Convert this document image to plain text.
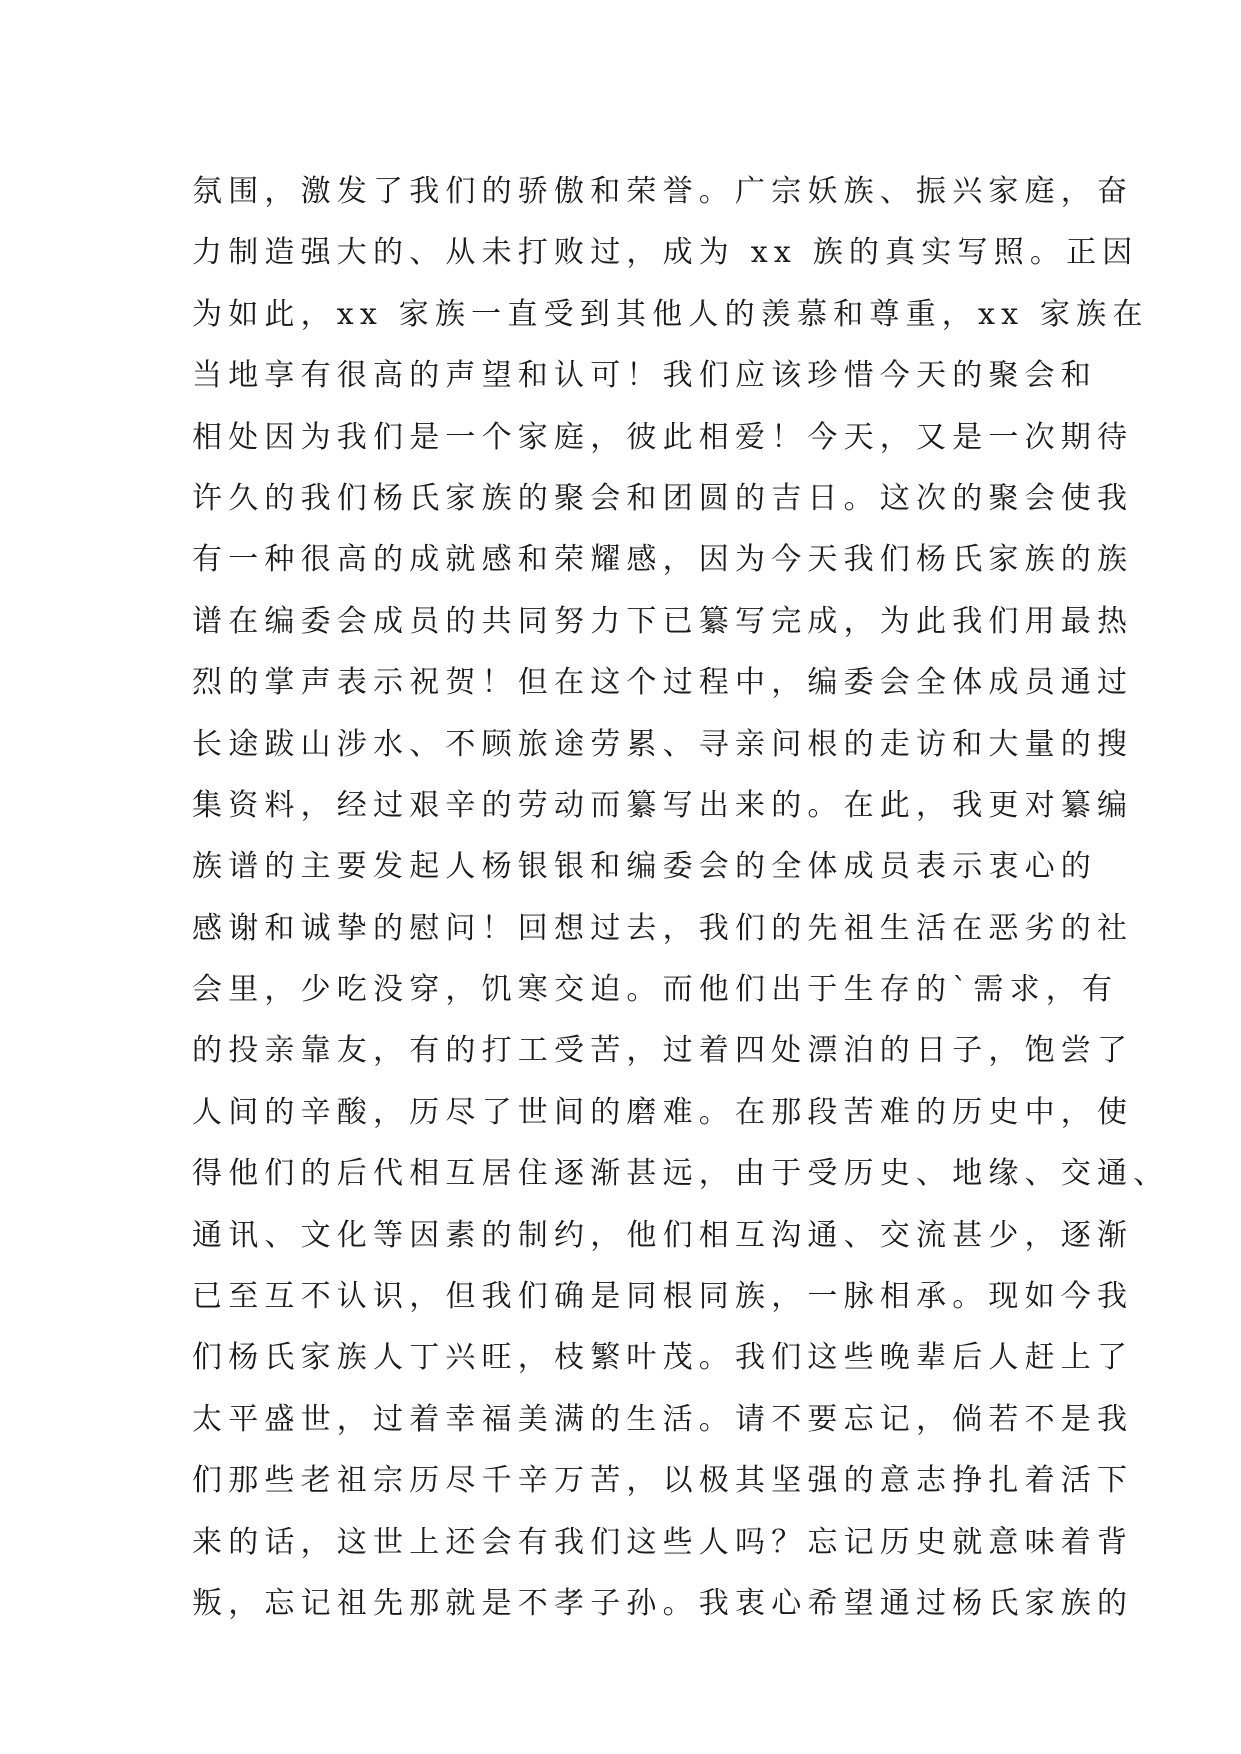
氛围，激发了我们的骄傲和荣誉。广宗妖族、振兴家庭，奋
力制造强大的、从未打败过，成为 xx 族的真实写照。正因
为如此，xx 家族一直受到其他人的羡慕和尊重，xx 家族在
当地享有很高的声望和认可！我们应该珍惜今天的聚会和
相处因为我们是一个家庭，彼此相爱！今天，又是一次期待
许久的我们杨氏家族的聚会和团圆的吉日。这次的聚会使我
有一种很高的成就感和荣耀感，因为今天我们杨氏家族的族
谱在编委会成员的共同努力下已纂写完成，为此我们用最热
烈的掌声表示祝贺！但在这个过程中，编委会全体成员通过
长途跋山涉水、不顾旅途劳累、寻亲问根的走访和大量的搜
集资料，经过艰辛的劳动而纂写出来的。在此，我更对纂编
族谱的主要发起人杨银银和编委会的全体成员表示衷心的
感谢和诚挚的慰问！回想过去，我们的先祖生活在恶劣的社
会里，少吃没穿，饥寒交迫。而他们出于生存的`需求，有
的投亲靠友，有的打工受苦，过着四处漂泊的日子，饱尝了
人间的辛酸，历尽了世间的磨难。在那段苦难的历史中，使
得他们的后代相互居住逐渐甚远，由于受历史、地缘、交通、
通讯、文化等因素的制约，他们相互沟通、交流甚少，逐渐
已至互不认识，但我们确是同根同族，一脉相承。现如今我
们杨氏家族人丁兴旺，枝繁叶茂。我们这些晚辈后人赶上了
太平盛世，过着幸福美满的生活。请不要忘记，倘若不是我
们那些老祖宗历尽千辛万苦，以极其坚强的意志挣扎着活下
来的话，这世上还会有我们这些人吗？忘记历史就意味着背
叛，忘记祖先那就是不孝子孙。我衷心希望通过杨氏家族的
